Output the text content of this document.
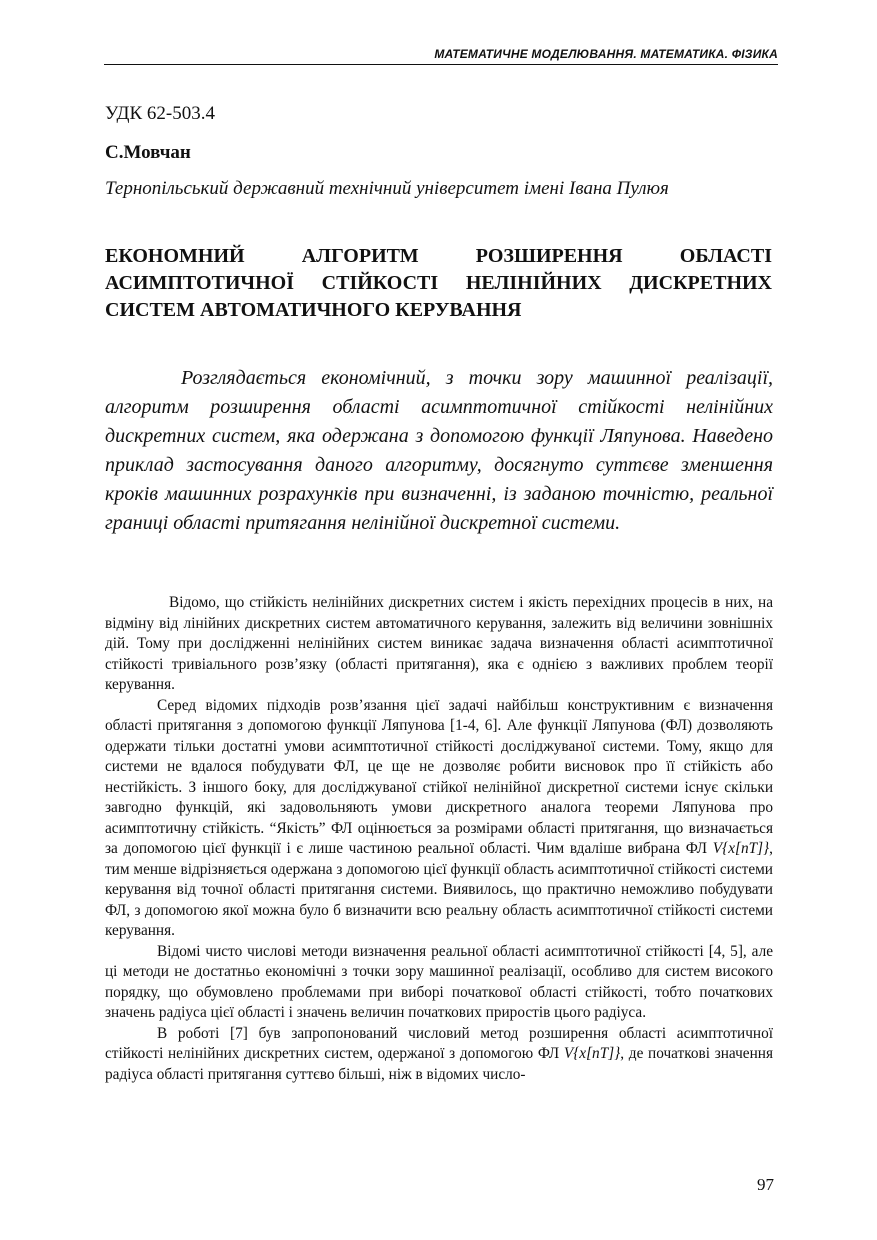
МАТЕМАТИЧНЕ МОДЕЛЮВАННЯ. МАТЕМАТИКА. ФІЗИКА
УДК 62-503.4
С.Мовчан
Тернопільський державний технічний університет імені Івана Пулюя
ЕКОНОМНИЙ АЛГОРИТМ РОЗШИРЕННЯ ОБЛАСТІ АСИМПТОТИЧНОЇ СТІЙКОСТІ НЕЛІНІЙНИХ ДИСКРЕТНИХ СИСТЕМ АВТОМАТИЧНОГО КЕРУВАННЯ

Розглядається економічний, з точки зору машинної реалізації, алгоритм розширення області асимптотичної стійкості нелінійних дискретних систем, яка одержана з допомогою функції Ляпунова. Наведено приклад застосування даного алгоритму, досягнуто суттєве зменшення кроків машинних розрахунків при визначенні, із заданою точністю, реальної границі області притягання нелінійної дискретної системи.

Відомо, що стійкість нелінійних дискретних систем і якість перехідних процесів в них, на відміну від лінійних дискретних систем автоматичного керування, залежить від величини зовнішніх дій. Тому при дослідженні нелінійних систем виникає задача визначення області асимптотичної стійкості тривіального розв’язку (області притягання), яка є однією з важливих проблем теорії керування.

Серед відомих підходів розв’язання цієї задачі найбільш конструктивним є визначення області притягання з допомогою функції Ляпунова [1-4, 6]. Але функції Ляпунова (ФЛ) дозволяють одержати тільки достатні умови асимптотичної стійкості досліджуваної системи. Тому, якщо для системи не вдалося побудувати ФЛ, це ще не дозволяє робити висновок про її стійкість або нестійкість. З іншого боку, для досліджуваної стійкої нелінійної дискретної системи існує скільки завгодно функцій, які задовольняють умови дискретного аналога теореми Ляпунова про асимптотичну стійкість. “Якість” ФЛ оцінюється за розмірами області притягання, що визначається за допомогою цієї функції і є лише частиною реальної області. Чим вдаліше вибрана ФЛ V{x[nT]}, тим менше відрізняється одержана з допомогою цієї функції область асимптотичної стійкості системи керування від точної області притягання системи. Виявилось, що практично неможливо побудувати ФЛ, з допомогою якої можна було б визначити всю реальну область асимптотичної стійкості системи керування.

Відомі чисто числові методи визначення реальної області асимптотичної стійкості [4, 5], але ці методи не достатньо економічні з точки зору машинної реалізації, особливо для систем високого порядку, що обумовлено проблемами при виборі початкової області стійкості, тобто початкових значень радіуса цієї області і значень величин початкових приростів цього радіуса.

В роботі [7] був запропонований числовий метод розширення області асимптотичної стійкості нелінійних дискретних систем, одержаної з допомогою ФЛ V{x[nT]}, де початкові значення радіуса області притягання суттєво більші, ніж в відомих число-

97
